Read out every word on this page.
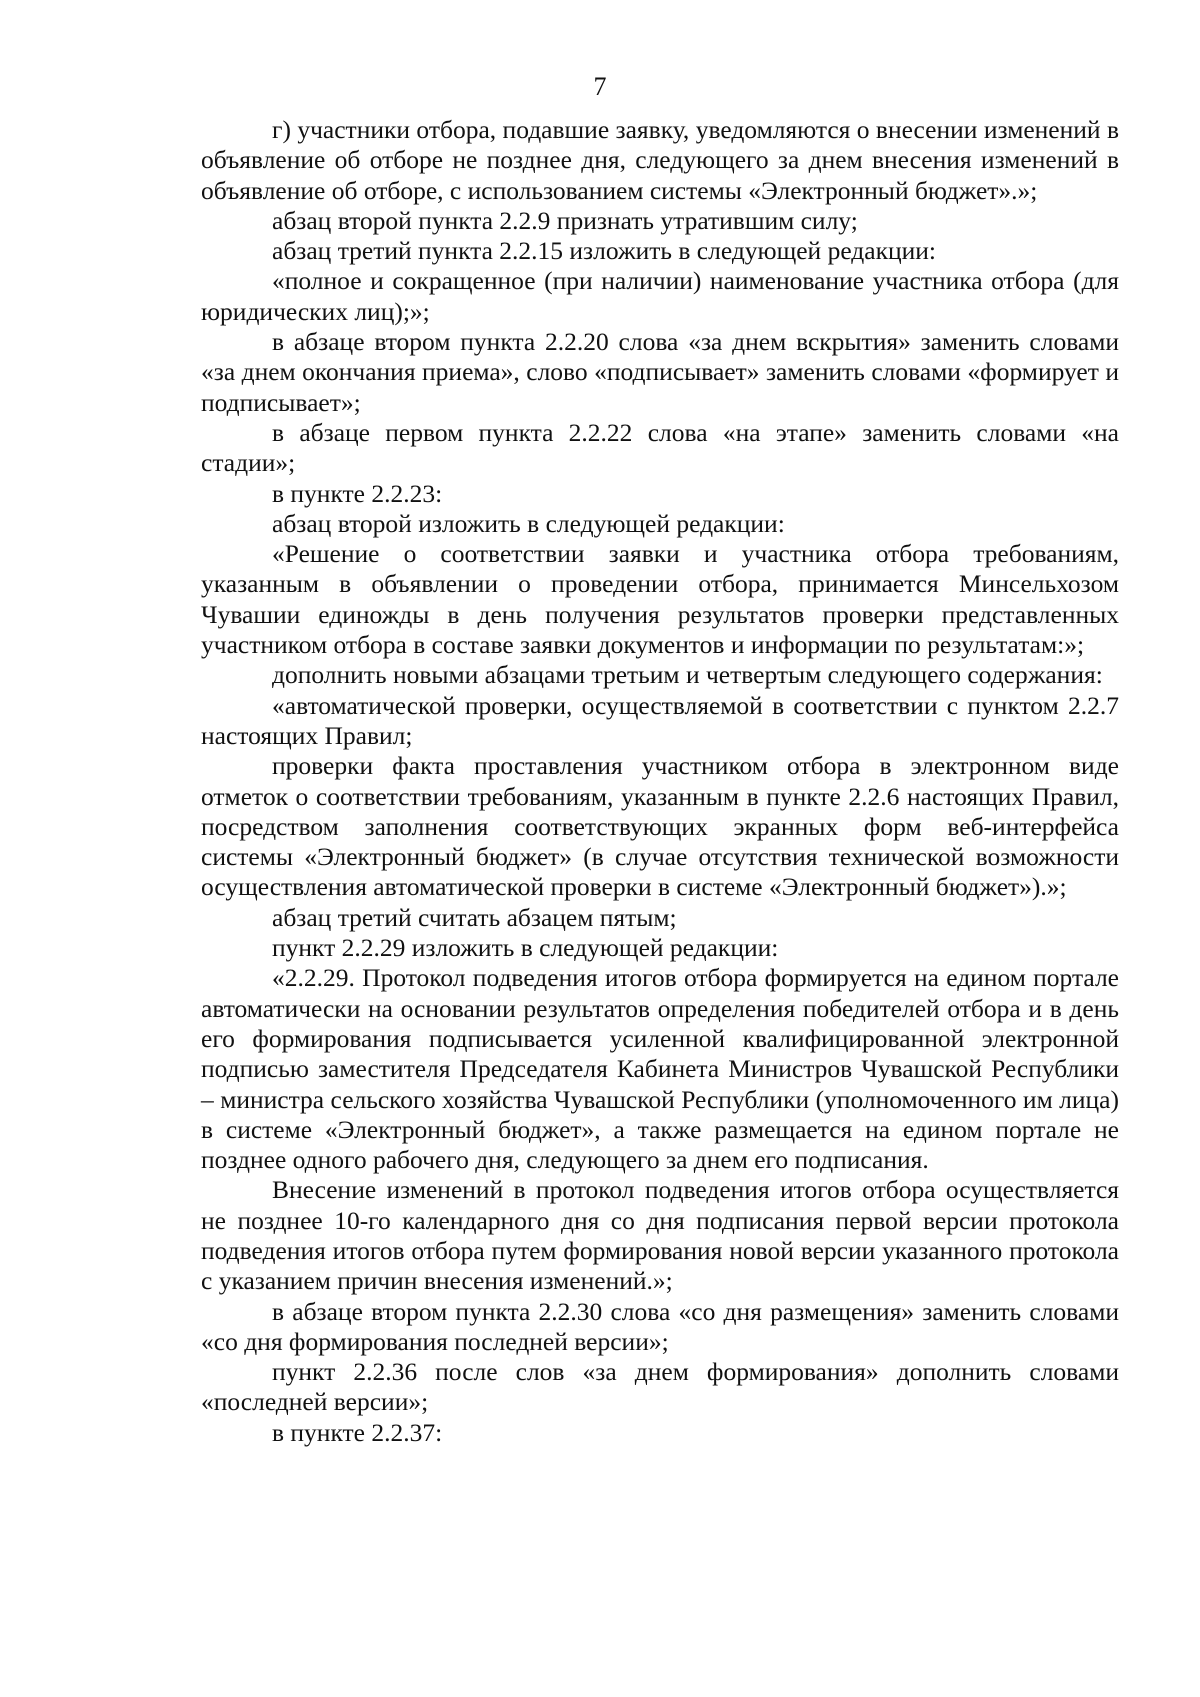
7

г) участники отбора, подавшие заявку, уведомляются о внесении изменений в объявление об отборе не позднее дня, следующего за днем внесения изменений в объявление об отборе, с использованием системы «Электронный бюджет».»;

абзац второй пункта 2.2.9 признать утратившим силу;

абзац третий пункта 2.2.15 изложить в следующей редакции:

«полное и сокращенное (при наличии) наименование участника отбора (для юридических лиц);»;

в абзаце втором пункта 2.2.20 слова «за днем вскрытия» заменить словами «за днем окончания приема», слово «подписывает» заменить словами «формирует и подписывает»;

в абзаце первом пункта 2.2.22 слова «на этапе» заменить словами «на стадии»;

в пункте 2.2.23:

абзац второй изложить в следующей редакции:

«Решение о соответствии заявки и участника отбора требованиям, указанным в объявлении о проведении отбора, принимается Минсельхозом Чувашии единожды в день получения результатов проверки представленных участником отбора в составе заявки документов и информации по результатам:»;

дополнить новыми абзацами третьим и четвертым следующего содержания:

«автоматической проверки, осуществляемой в соответствии с пунктом 2.2.7 настоящих Правил;

проверки факта проставления участником отбора в электронном виде отметок о соответствии требованиям, указанным в пункте 2.2.6 настоящих Правил, посредством заполнения соответствующих экранных форм веб-интерфейса системы «Электронный бюджет» (в случае отсутствия технической возможности осуществления автоматической проверки в системе «Электронный бюджет»).»;

абзац третий считать абзацем пятым;

пункт 2.2.29 изложить в следующей редакции:

«2.2.29. Протокол подведения итогов отбора формируется на едином портале автоматически на основании результатов определения победителей отбора и в день его формирования подписывается усиленной квалифицированной электронной подписью заместителя Председателя Кабинета Министров Чувашской Республики – министра сельского хозяйства Чувашской Республики (уполномоченного им лица) в системе «Электронный бюджет», а также размещается на едином портале не позднее одного рабочего дня, следующего за днем его подписания.

Внесение изменений в протокол подведения итогов отбора осуществляется не позднее 10-го календарного дня со дня подписания первой версии протокола подведения итогов отбора путем формирования новой версии указанного протокола с указанием причин внесения изменений.»;

в абзаце втором пункта 2.2.30 слова «со дня размещения» заменить словами «со дня формирования последней версии»;

пункт 2.2.36 после слов «за днем формирования» дополнить словами «последней версии»;

в пункте 2.2.37:
